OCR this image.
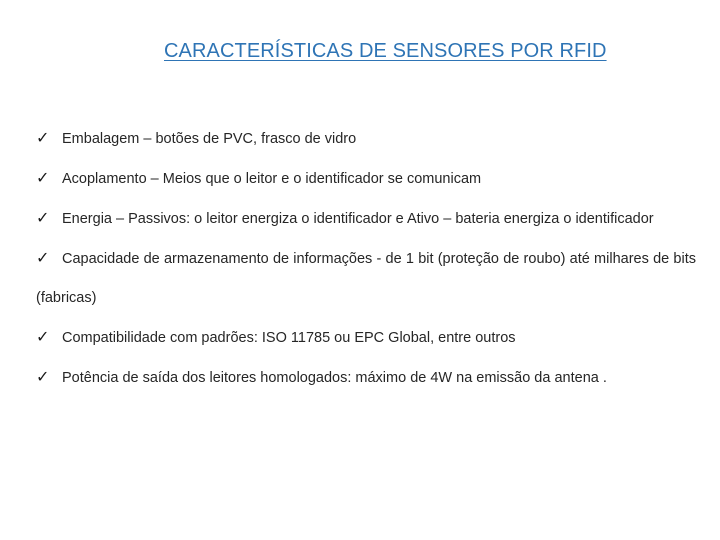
CARACTERÍSTICAS DE SENSORES POR RFID
✓ Embalagem – botões de PVC, frasco de vidro
✓ Acoplamento – Meios que o leitor e o identificador se comunicam
✓ Energia – Passivos: o leitor energiza o identificador e Ativo – bateria energiza o identificador
✓ Capacidade de armazenamento de informações - de 1 bit (proteção de roubo) até milhares de bits (fabricas)
✓ Compatibilidade com padrões: ISO 11785 ou EPC Global, entre outros
✓ Potência de saída dos leitores homologados: máximo de 4W na emissão da antena .
